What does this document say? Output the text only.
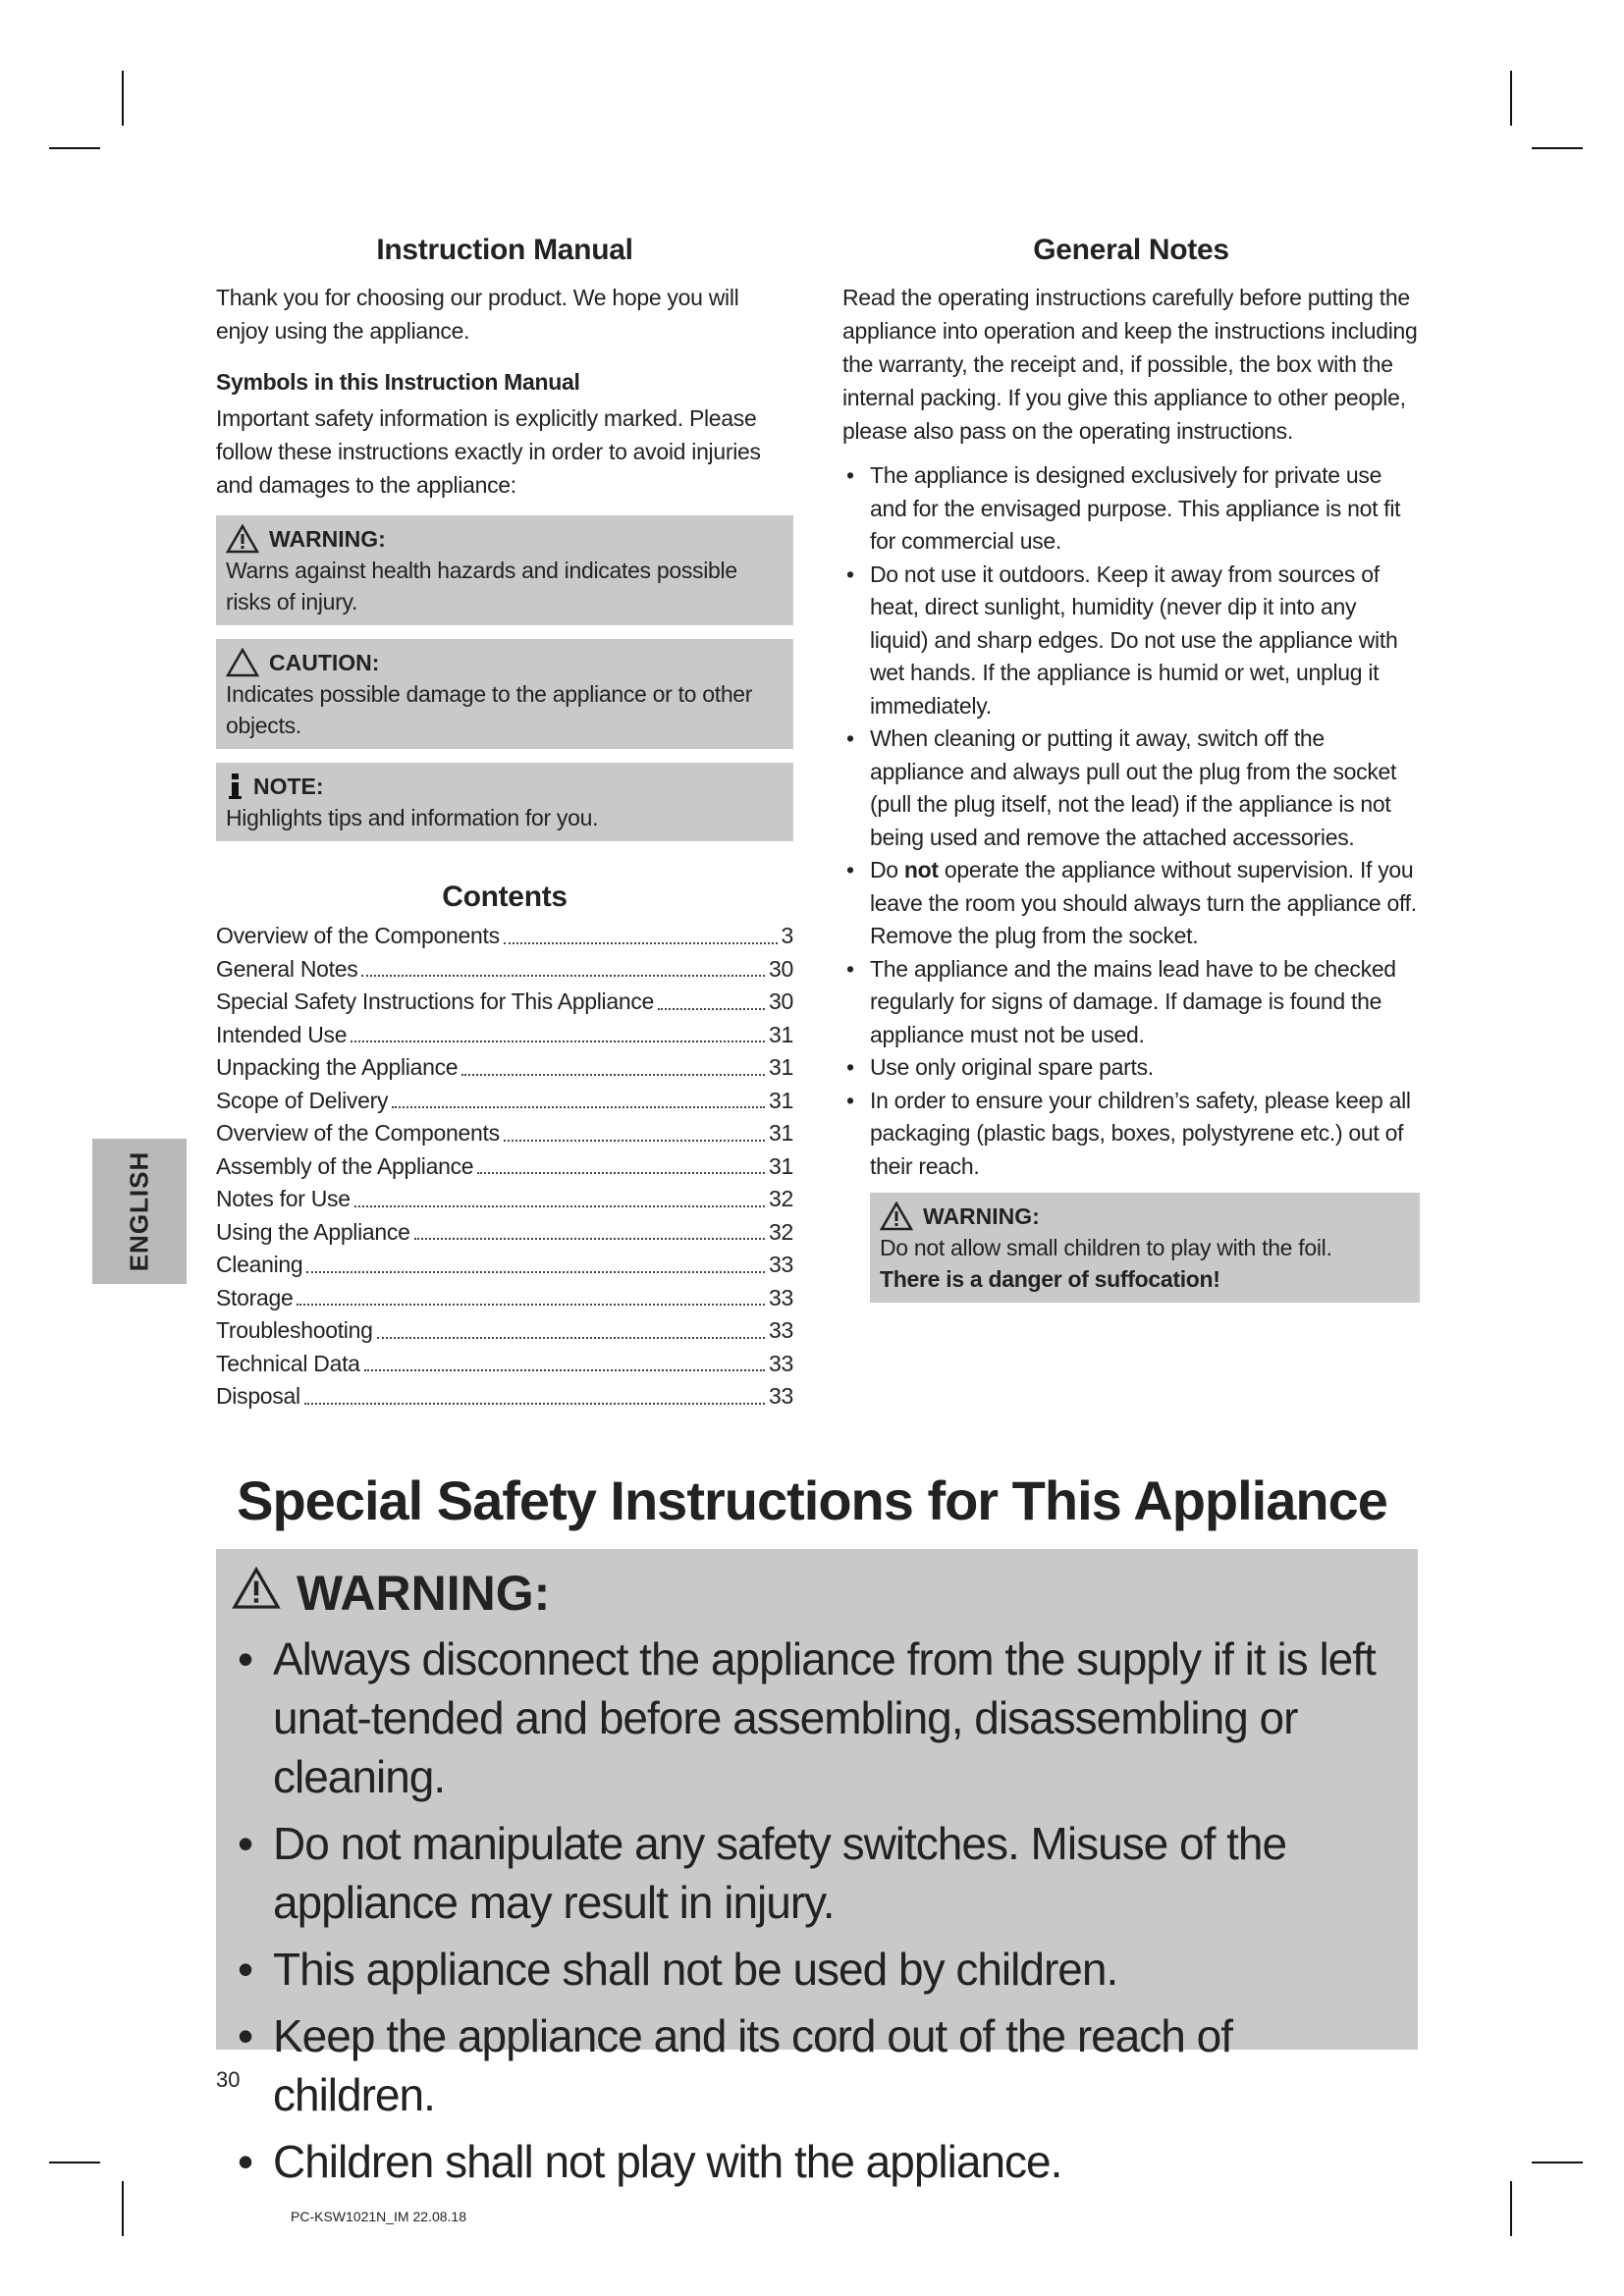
ENGLISH
Instruction Manual

Thank you for choosing our product. We hope you will enjoy using the appliance.

Symbols in this Instruction Manual

Important safety information is explicitly marked. Please follow these instructions exactly in order to avoid injuries and damages to the appliance:

WARNING:
Warns against health hazards and indicates possible risks of injury.
CAUTION:
Indicates possible damage to the appliance or to other objects.
NOTE:
Highlights tips and information for you.
Contents
Overview of the Components	3
General Notes	30
Special Safety Instructions for This Appliance	30
Intended Use	31
Unpacking the Appliance	31
Scope of Delivery	31
Overview of the Components	31
Assembly of the Appliance	31
Notes for Use	32
Using the Appliance	32
Cleaning	33
Storage	33
Troubleshooting	33
Technical Data	33
Disposal	33
General Notes

Read the operating instructions carefully before putting the appliance into operation and keep the instructions including the warranty, the receipt and, if possible, the box with the internal packing. If you give this appliance to other people, please also pass on the operating instructions.

• The appliance is designed exclusively for private use and for the envisaged purpose. This appliance is not fit for commercial use.
• Do not use it outdoors. Keep it away from sources of heat, direct sunlight, humidity (never dip it into any liquid) and sharp edges. Do not use the appliance with wet hands. If the appliance is humid or wet, unplug it immediately.
• When cleaning or putting it away, switch off the appliance and always pull out the plug from the socket (pull the plug itself, not the lead) if the appliance is not being used and remove the attached accessories.
• Do not operate the appliance without supervision. If you leave the room you should always turn the appliance off. Remove the plug from the socket.
• The appliance and the mains lead have to be checked regularly for signs of damage. If damage is found the appliance must not be used.
• Use only original spare parts.
• In order to ensure your children’s safety, please keep all packaging (plastic bags, boxes, polystyrene etc.) out of their reach.
WARNING:
Do not allow small children to play with the foil.
There is a danger of suffocation!
Special Safety Instructions for This Appliance
WARNING:
• Always disconnect the appliance from the supply if it is left unat-tended and before assembling, disassembling or cleaning.
• Do not manipulate any safety switches. Misuse of the appliance may result in injury.
• This appliance shall not be used by children.
• Keep the appliance and its cord out of the reach of children.
• Children shall not play with the appliance.
30
PC-KSW1021N_IM 22.08.18
